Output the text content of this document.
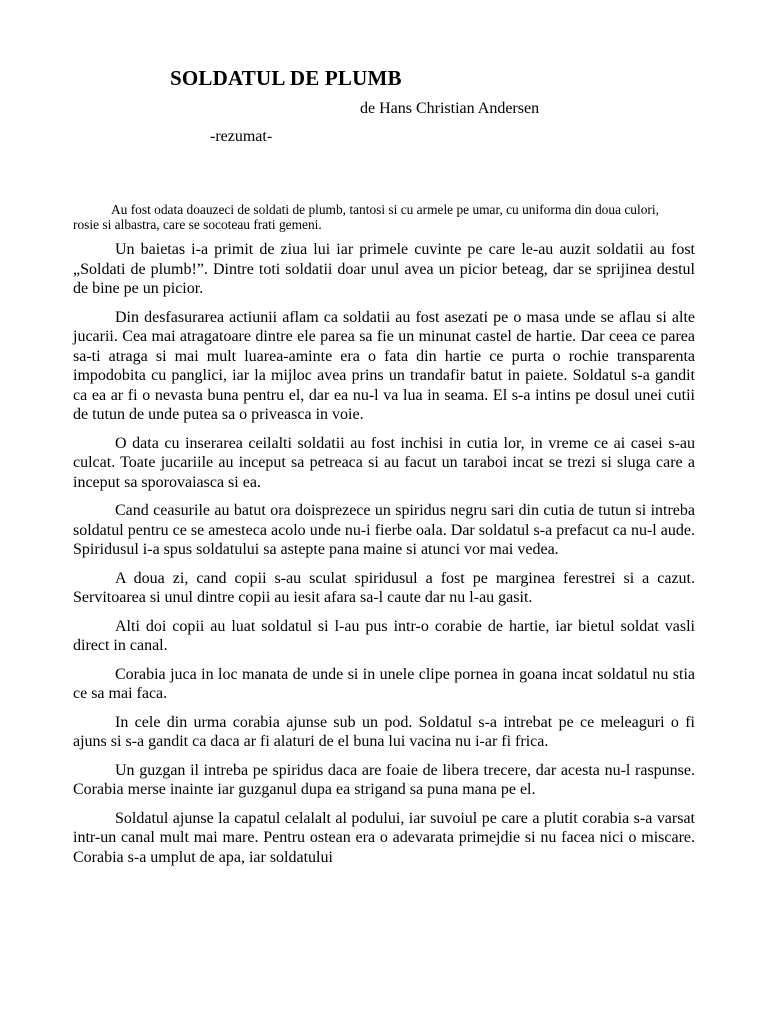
SOLDATUL DE PLUMB
de Hans Christian Andersen
-rezumat-

Au fost odata doauzeci de soldati de plumb, tantosi si cu armele pe umar, cu uniforma din doua culori, rosie si albastra, care se socoteau frati gemeni.

Un baietas i-a primit de ziua lui iar primele cuvinte pe care le-au auzit soldatii au fost „Soldati de plumb!”. Dintre toti soldatii doar unul avea un picior beteag, dar se sprijinea destul de bine pe un picior.

Din desfasurarea actiunii aflam ca soldatii au fost asezati pe o masa unde se aflau si alte jucarii. Cea mai atragatoare dintre ele parea sa fie un minunat castel de hartie. Dar ceea ce parea sa-ti atraga si mai mult luarea-aminte era o fata din hartie ce purta o rochie transparenta impodobita cu panglici, iar la mijloc avea prins un trandafir batut in paiete. Soldatul s-a gandit ca ea ar fi o nevasta buna pentru el, dar ea nu-l va lua in seama. El s-a intins pe dosul unei cutii de tutun de unde putea sa o priveasca in voie.

O data cu inserarea ceilalti soldatii au fost inchisi in cutia lor, in vreme ce ai casei s-au culcat. Toate jucariile au inceput sa petreaca si au facut un taraboi incat se trezi si sluga care a inceput sa sporovaiasca si ea.

Cand ceasurile au batut ora doisprezece un spiridus negru sari din cutia de tutun si intreba soldatul pentru ce se amesteca acolo unde nu-i fierbe oala. Dar soldatul s-a prefacut ca nu-l aude. Spiridusul i-a spus soldatului sa astepte pana maine si atunci vor mai vedea.

A doua zi, cand copii s-au sculat spiridusul a fost pe marginea ferestrei si a cazut. Servitoarea si unul dintre copii au iesit afara sa-l caute dar nu l-au gasit.

Alti doi copii au luat soldatul si l-au pus intr-o corabie de hartie, iar bietul soldat vasli direct in canal.

Corabia juca in loc manata de unde si in unele clipe pornea in goana incat soldatul nu stia ce sa mai faca.

In cele din urma corabia ajunse sub un pod. Soldatul s-a intrebat pe ce meleaguri o fi ajuns si s-a gandit ca daca ar fi alaturi de el buna lui vacina nu i-ar fi frica.

Un guzgan il intreba pe spiridus daca are foaie de libera trecere, dar acesta nu-l raspunse. Corabia merse inainte iar guzganul dupa ea strigand sa puna mana pe el.

Soldatul ajunse la capatul celalalt al podului, iar suvoiul pe care a plutit corabia s-a varsat intr-un canal mult mai mare. Pentru ostean era o adevarata primejdie si nu facea nici o miscare. Corabia s-a umplut de apa, iar soldatului
